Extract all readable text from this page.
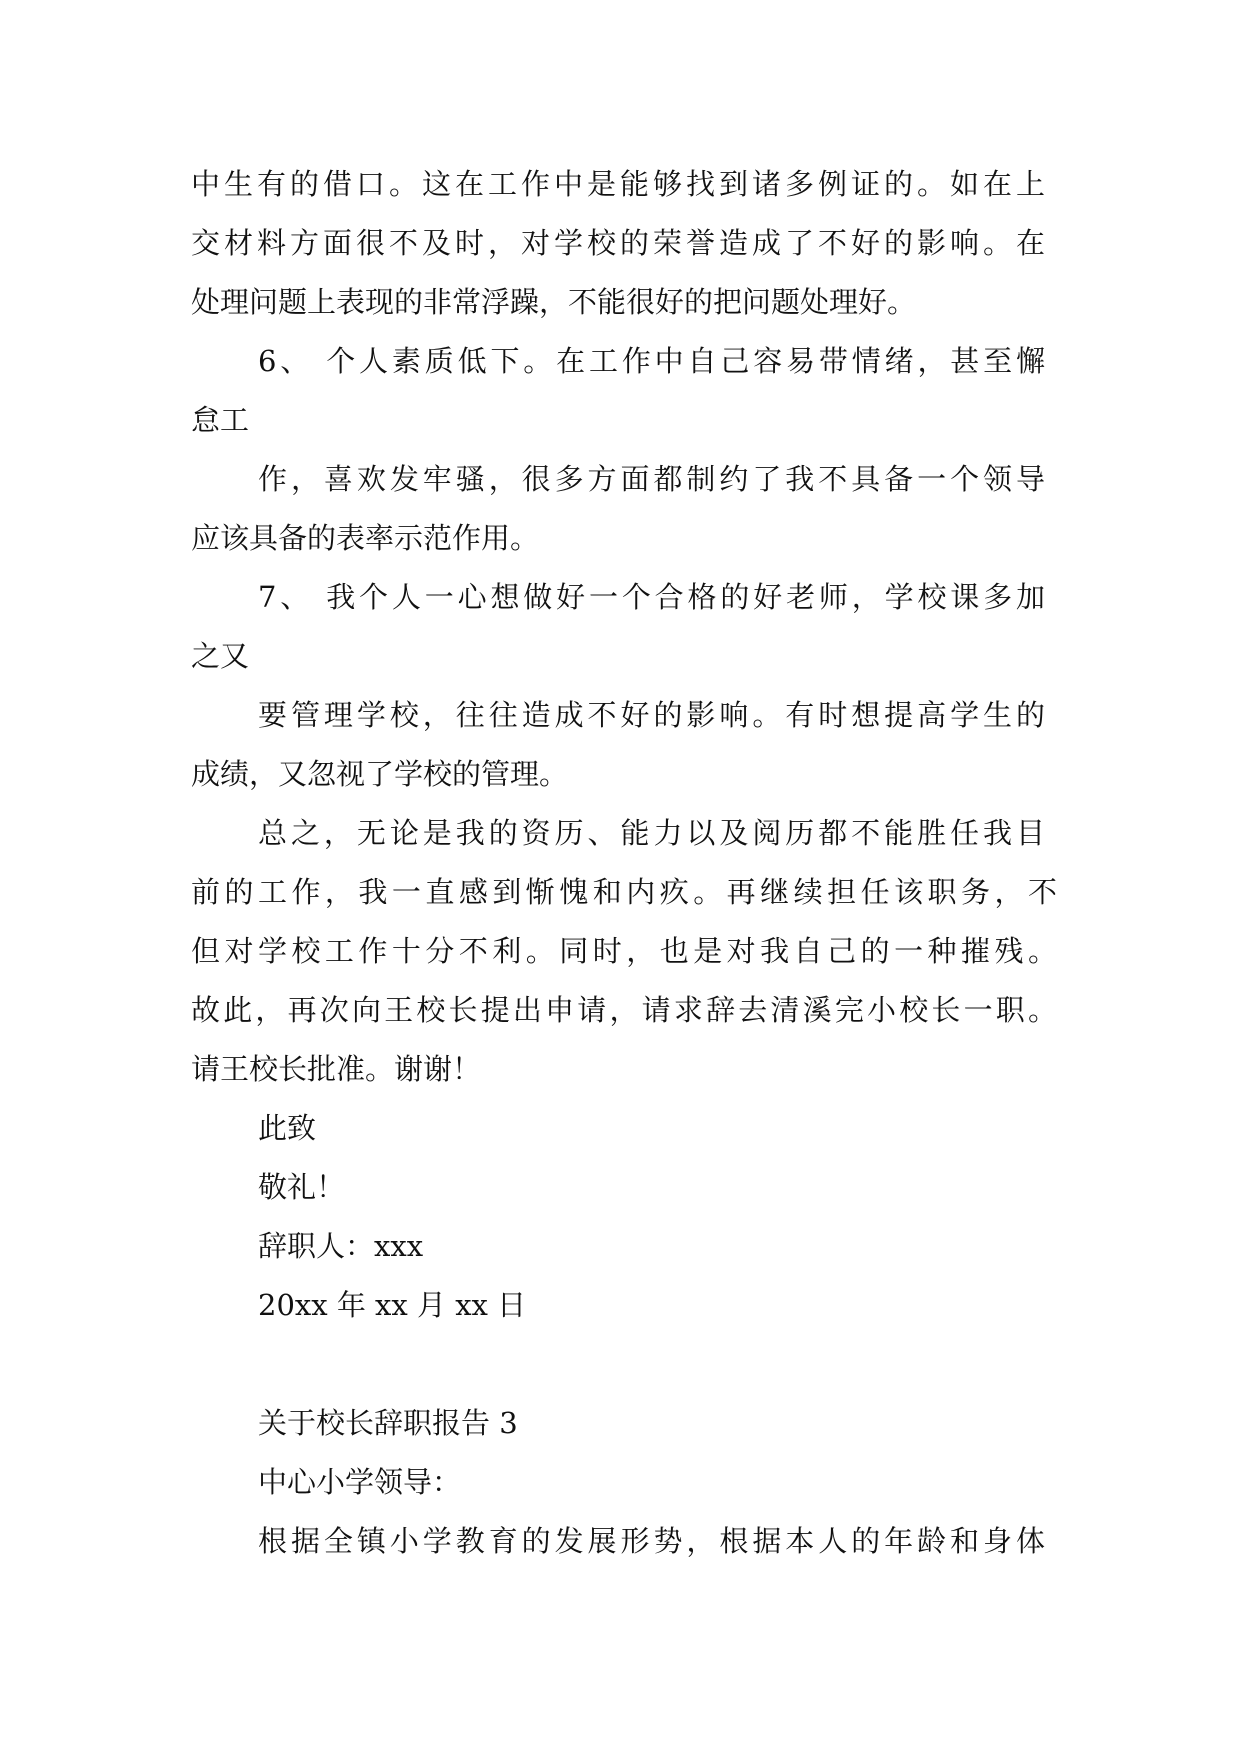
中生有的借口。这在工作中是能够找到诸多例证的。如在上
交材料方面很不及时，对学校的荣誉造成了不好的影响。在
处理问题上表现的非常浮躁，不能很好的把问题处理好。
6、 个人素质低下。在工作中自己容易带情绪，甚至懈
怠工
作，喜欢发牢骚，很多方面都制约了我不具备一个领导
应该具备的表率示范作用。
7、 我个人一心想做好一个合格的好老师，学校课多加
之又
要管理学校，往往造成不好的影响。有时想提高学生的
成绩，又忽视了学校的管理。
总之，无论是我的资历、能力以及阅历都不能胜任我目
前的工作，我一直感到惭愧和内疚。再继续担任该职务，不
但对学校工作十分不利。同时，也是对我自己的一种摧残。
故此，再次向王校长提出申请，请求辞去清溪完小校长一职。
请王校长批准。谢谢！
此致
敬礼！
辞职人：xxx
20xx 年 xx 月 xx 日
关于校长辞职报告 3
中心小学领导：
根据全镇小学教育的发展形势，根据本人的年龄和身体
